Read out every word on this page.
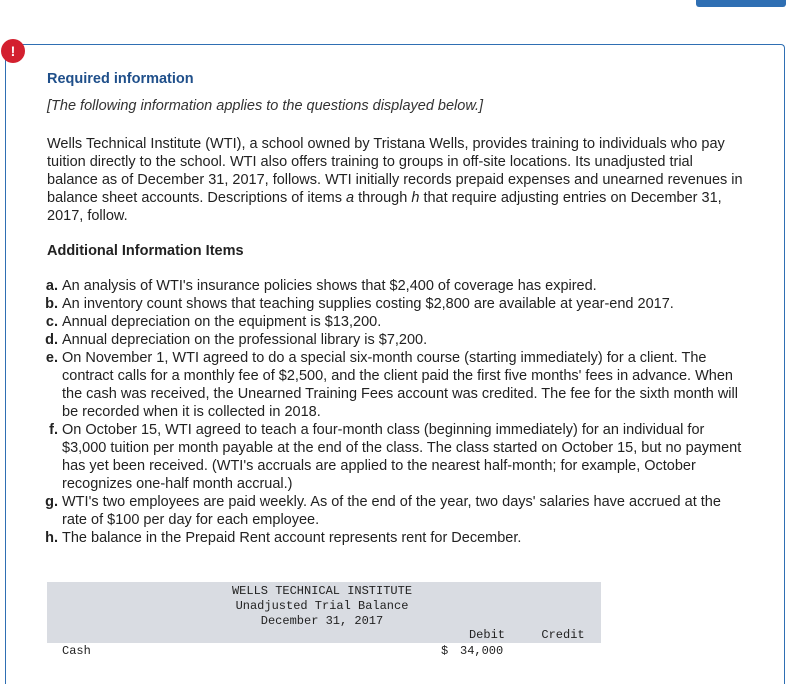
!
Required information
[The following information applies to the questions displayed below.]
Wells Technical Institute (WTI), a school owned by Tristana Wells, provides training to individuals who pay tuition directly to the school. WTI also offers training to groups in off-site locations. Its unadjusted trial balance as of December 31, 2017, follows. WTI initially records prepaid expenses and unearned revenues in balance sheet accounts. Descriptions of items a through h that require adjusting entries on December 31, 2017, follow.
Additional Information Items
a. An analysis of WTI's insurance policies shows that $2,400 of coverage has expired.
b. An inventory count shows that teaching supplies costing $2,800 are available at year-end 2017.
c. Annual depreciation on the equipment is $13,200.
d. Annual depreciation on the professional library is $7,200.
e. On November 1, WTI agreed to do a special six-month course (starting immediately) for a client. The contract calls for a monthly fee of $2,500, and the client paid the first five months' fees in advance. When the cash was received, the Unearned Training Fees account was credited. The fee for the sixth month will be recorded when it is collected in 2018.
f. On October 15, WTI agreed to teach a four-month class (beginning immediately) for an individual for $3,000 tuition per month payable at the end of the class. The class started on October 15, but no payment has yet been received. (WTI's accruals are applied to the nearest half-month; for example, October recognizes one-half month accrual.)
g. WTI's two employees are paid weekly. As of the end of the year, two days' salaries have accrued at the rate of $100 per day for each employee.
h. The balance in the Prepaid Rent account represents rent for December.
WELLS TECHNICAL INSTITUTE
Unadjusted Trial Balance
December 31, 2017
Debit	Credit
Cash	$ 34,000
